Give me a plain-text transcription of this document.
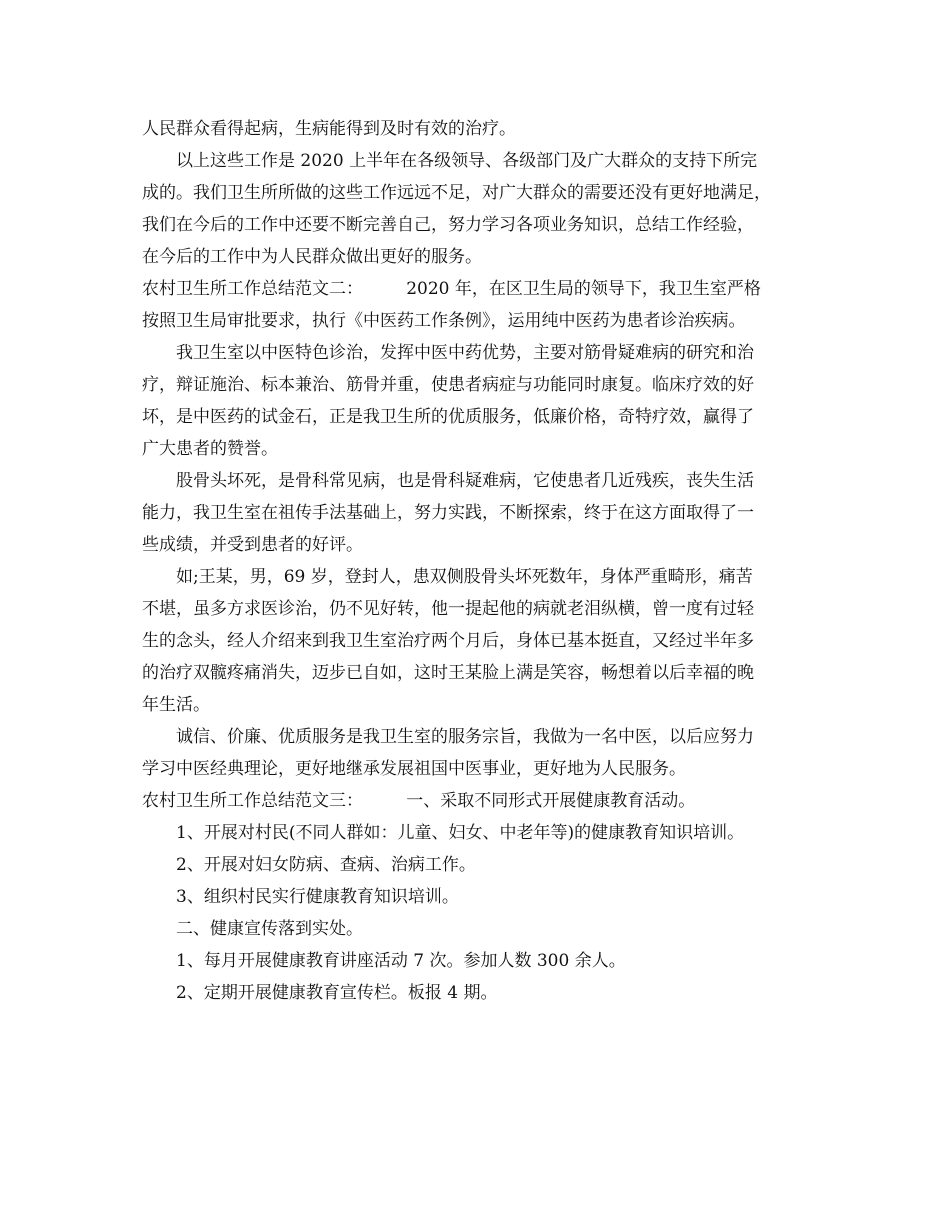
人民群众看得起病，生病能得到及时有效的治疗。
以上这些工作是 2020 上半年在各级领导、各级部门及广大群众的支持下所完
成的。我们卫生所所做的这些工作远远不足，对广大群众的需要还没有更好地满足，
我们在今后的工作中还要不断完善自己，努力学习各项业务知识，总结工作经验，
在今后的工作中为人民群众做出更好的服务。
农村卫生所工作总结范文二：        2020 年，在区卫生局的领导下，我卫生室严格
按照卫生局审批要求，执行《中医药工作条例》，运用纯中医药为患者诊治疾病。
我卫生室以中医特色诊治，发挥中医中药优势，主要对筋骨疑难病的研究和治
疗，辩证施治、标本兼治、筋骨并重，使患者病症与功能同时康复。临床疗效的好
坏，是中医药的试金石，正是我卫生所的优质服务，低廉价格，奇特疗效，赢得了
广大患者的赞誉。
股骨头坏死，是骨科常见病，也是骨科疑难病，它使患者几近残疾，丧失生活
能力，我卫生室在祖传手法基础上，努力实践，不断探索，终于在这方面取得了一
些成绩，并受到患者的好评。
如;王某，男，69 岁，登封人，患双侧股骨头坏死数年，身体严重畸形，痛苦
不堪，虽多方求医诊治，仍不见好转，他一提起他的病就老泪纵横，曾一度有过轻
生的念头，经人介绍来到我卫生室治疗两个月后，身体已基本挺直，又经过半年多
的治疗双髋疼痛消失，迈步已自如，这时王某脸上满是笑容，畅想着以后幸福的晚
年生活。
诚信、价廉、优质服务是我卫生室的服务宗旨，我做为一名中医，以后应努力
学习中医经典理论，更好地继承发展祖国中医事业，更好地为人民服务。
农村卫生所工作总结范文三：        一、采取不同形式开展健康教育活动。
1、开展对村民(不同人群如：儿童、妇女、中老年等)的健康教育知识培训。
2、开展对妇女防病、查病、治病工作。
3、组织村民实行健康教育知识培训。
二、健康宣传落到实处。
1、每月开展健康教育讲座活动 7 次。参加人数 300 余人。
2、定期开展健康教育宣传栏。板报 4 期。
